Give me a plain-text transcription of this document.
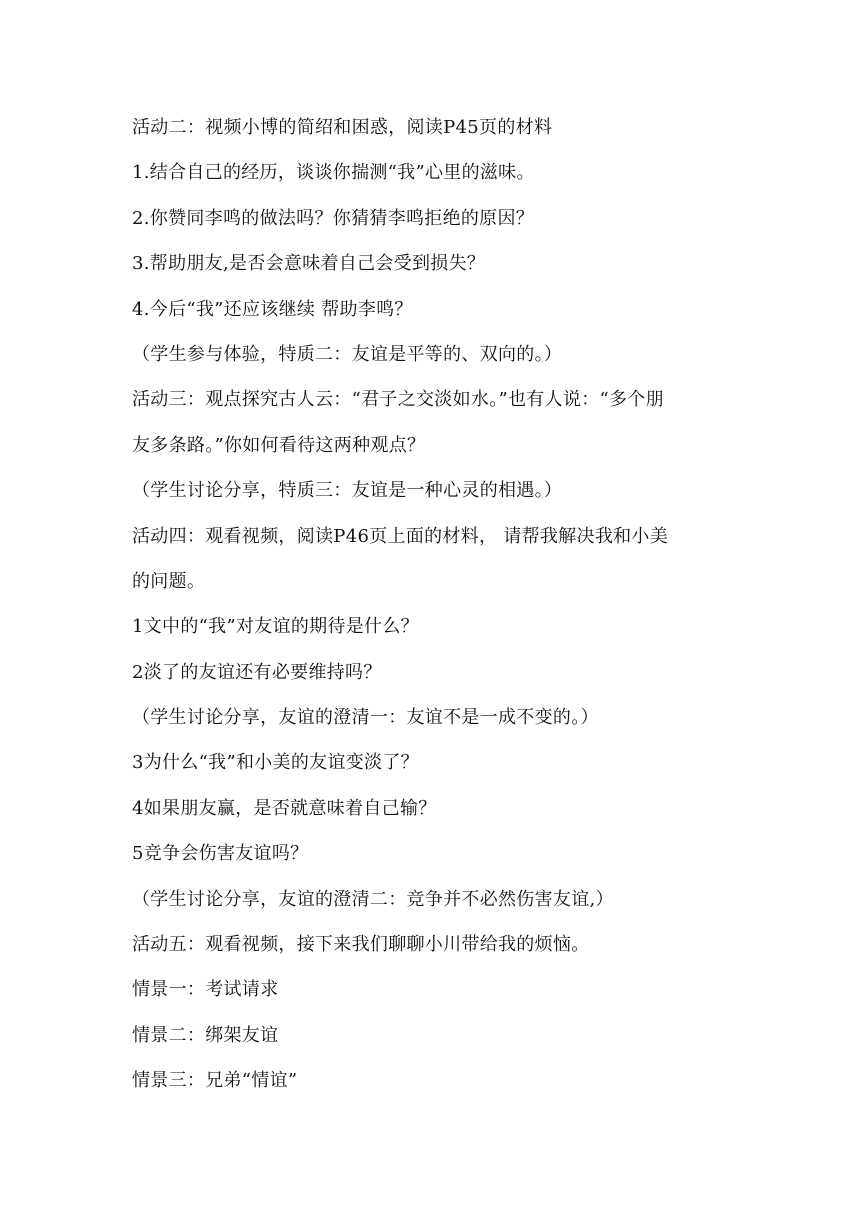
活动二：视频小博的简绍和困惑，阅读P45页的材料
1.结合自己的经历，谈谈你揣测“我”心里的滋味。
2.你赞同李鸣的做法吗？你猜猜李鸣拒绝的原因？
3.帮助朋友,是否会意味着自己会受到损失？
4.今后“我”还应该继续 帮助李鸣？
（学生参与体验，特质二：友谊是平等的、双向的。）
活动三：观点探究古人云：“君子之交淡如水。”也有人说：“多个朋
友多条路。”你如何看待这两种观点？
（学生讨论分享，特质三：友谊是一种心灵的相遇。）
活动四：观看视频，阅读P46页上面的材料， 请帮我解决我和小美
的问题。
1文中的“我”对友谊的期待是什么？
2淡了的友谊还有必要维持吗？
（学生讨论分享，友谊的澄清一：友谊不是一成不变的。）
3为什么“我”和小美的友谊变淡了？
4如果朋友赢，是否就意味着自己输？
5竞争会伤害友谊吗？
（学生讨论分享，友谊的澄清二：竞争并不必然伤害友谊,）
活动五：观看视频，接下来我们聊聊小川带给我的烦恼。
情景一：考试请求
情景二：绑架友谊
情景三：兄弟“情谊”
